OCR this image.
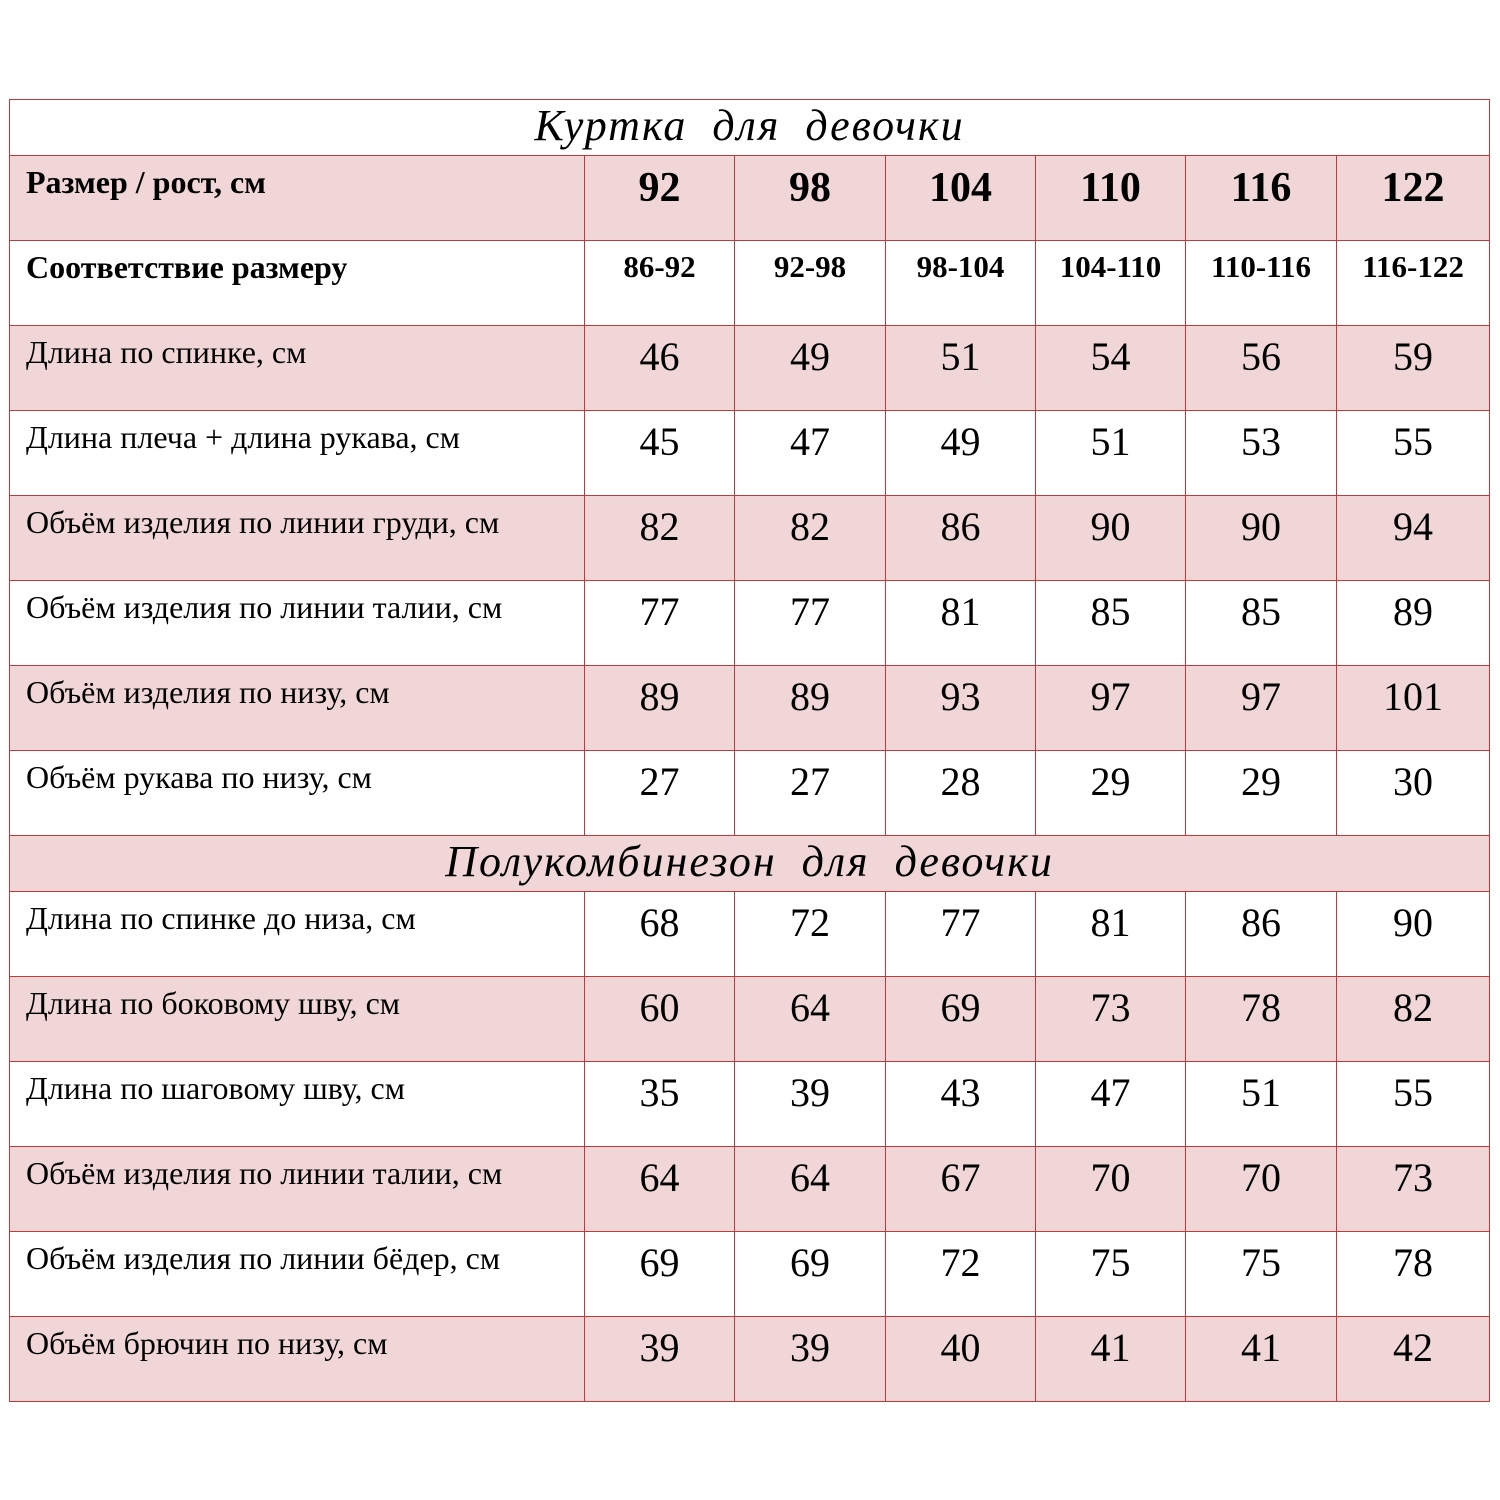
Куртка для девочки						
Размер / рост, см	92	98	104	110	116	122
Соответствие размеру	86-92	92-98	98-104	104-110	110-116	116-122
Длина по спинке, см	46	49	51	54	56	59
Длина плеча + длина рукава, см	45	47	49	51	53	55
Объём изделия по линии груди, см	82	82	86	90	90	94
Объём изделия по линии талии, см	77	77	81	85	85	89
Объём изделия по низу, см	89	89	93	97	97	101
Объём рукава по низу, см	27	27	28	29	29	30
Полукомбинезон для девочки						
Длина по спинке до низа, см	68	72	77	81	86	90
Длина по боковому шву, см	60	64	69	73	78	82
Длина по шаговому шву, см	35	39	43	47	51	55
Объём изделия по линии талии, см	64	64	67	70	70	73
Объём изделия по линии бёдер, см	69	69	72	75	75	78
Объём брючин по низу, см	39	39	40	41	41	42
